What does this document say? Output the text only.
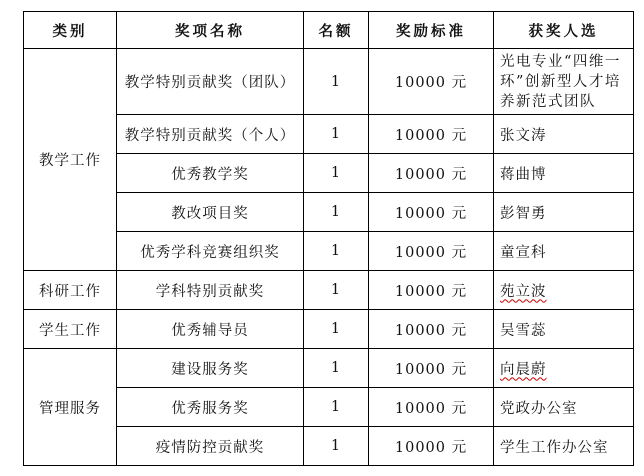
类别	奖项名称	名额	奖励标准	获奖人选
教学工作	教学特别贡献奖（团队）	1	10000 元	光电专业“四维一环”创新型人才培养新范式团队
	教学特别贡献奖（个人）	1	10000 元	张文涛
	优秀教学奖	1	10000 元	蒋曲博
	教改项目奖	1	10000 元	彭智勇
	优秀学科竞赛组织奖	1	10000 元	童宣科
科研工作	学科特别贡献奖	1	10000 元	苑立波
学生工作	优秀辅导员	1	10000 元	吴雪蕊
管理服务	建设服务奖	1	10000 元	向晨蔚
	优秀服务奖	1	10000 元	党政办公室
	疫情防控贡献奖	1	10000 元	学生工作办公室
